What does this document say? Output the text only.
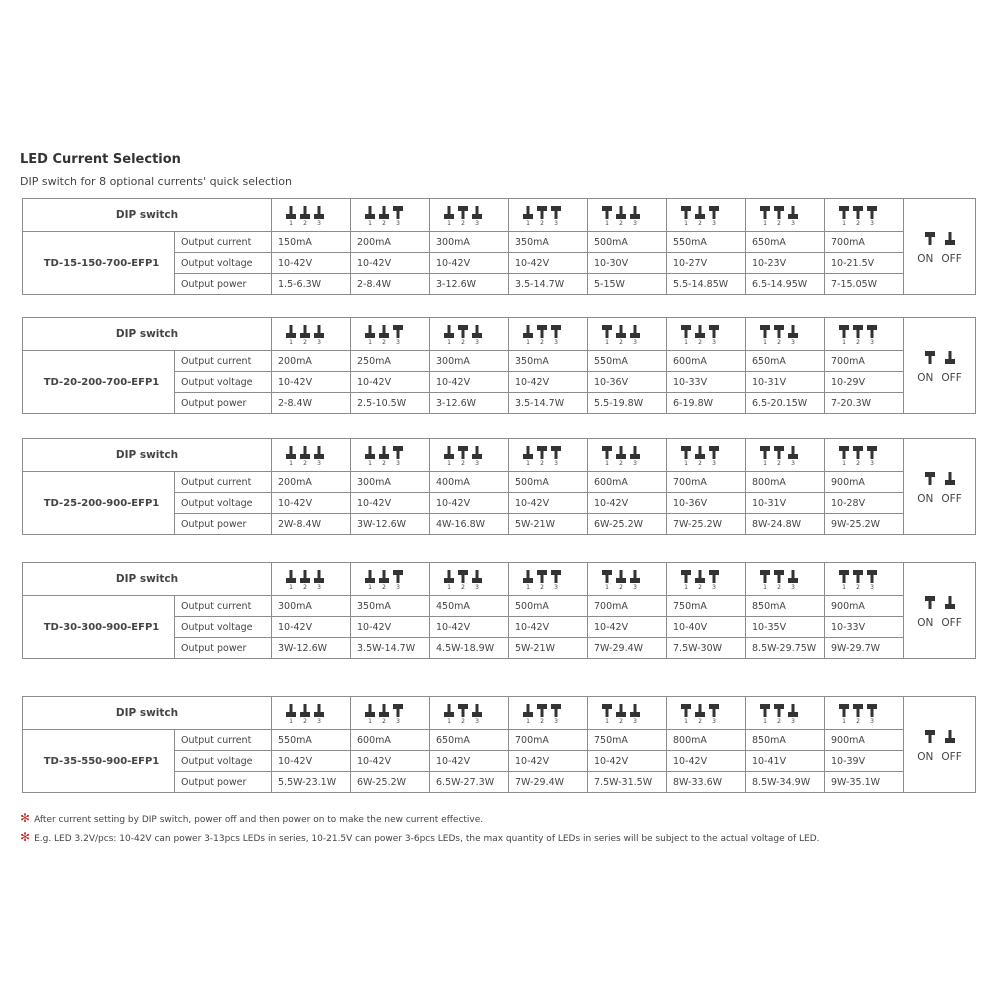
LED Current Selection
DIP switch for 8 optional currents' quick selection
DIP switch		1 2 3	1 2 3	1 2 3	1 2 3	1 2 3	1 2 3	1 2 3	1 2 3	ON OFF

TD-15-150-700-EFP1	Output current	150mA	200mA	300mA	350mA	500mA	550mA	650mA	700mA	
	Output voltage	10-42V	10-42V	10-42V	10-42V	10-30V	10-27V	10-23V	10-21.5V	
	Output power	1.5-6.3W	2-8.4W	3-12.6W	3.5-14.7W	5-15W	5.5-14.85W	6.5-14.95W	7-15.05W	
DIP switch		1 2 3	1 2 3	1 2 3	1 2 3	1 2 3	1 2 3	1 2 3	1 2 3	ON OFF

TD-20-200-700-EFP1	Output current	200mA	250mA	300mA	350mA	550mA	600mA	650mA	700mA	
	Output voltage	10-42V	10-42V	10-42V	10-42V	10-36V	10-33V	10-31V	10-29V	
	Output power	2-8.4W	2.5-10.5W	3-12.6W	3.5-14.7W	5.5-19.8W	6-19.8W	6.5-20.15W	7-20.3W	
DIP switch		1 2 3	1 2 3	1 2 3	1 2 3	1 2 3	1 2 3	1 2 3	1 2 3	ON OFF

TD-25-200-900-EFP1	Output current	200mA	300mA	400mA	500mA	600mA	700mA	800mA	900mA	
	Output voltage	10-42V	10-42V	10-42V	10-42V	10-42V	10-36V	10-31V	10-28V	
	Output power	2W-8.4W	3W-12.6W	4W-16.8W	5W-21W	6W-25.2W	7W-25.2W	8W-24.8W	9W-25.2W	
DIP switch		1 2 3	1 2 3	1 2 3	1 2 3	1 2 3	1 2 3	1 2 3	1 2 3	ON OFF

TD-30-300-900-EFP1	Output current	300mA	350mA	450mA	500mA	700mA	750mA	850mA	900mA	
	Output voltage	10-42V	10-42V	10-42V	10-42V	10-42V	10-40V	10-35V	10-33V	
	Output power	3W-12.6W	3.5W-14.7W	4.5W-18.9W	5W-21W	7W-29.4W	7.5W-30W	8.5W-29.75W	9W-29.7W	
DIP switch		1 2 3	1 2 3	1 2 3	1 2 3	1 2 3	1 2 3	1 2 3	1 2 3	ON OFF

TD-35-550-900-EFP1	Output current	550mA	600mA	650mA	700mA	750mA	800mA	850mA	900mA	
	Output voltage	10-42V	10-42V	10-42V	10-42V	10-42V	10-42V	10-41V	10-39V	
	Output power	5.5W-23.1W	6W-25.2W	6.5W-27.3W	7W-29.4W	7.5W-31.5W	8W-33.6W	8.5W-34.9W	9W-35.1W	
✻ After current setting by DIP switch, power off and then power on to make the new current effective.
✻ E.g. LED 3.2V/pcs: 10-42V can power 3-13pcs LEDs in series, 10-21.5V can power 3-6pcs LEDs, the max quantity of LEDs in series will be subject to the actual voltage of LED.
